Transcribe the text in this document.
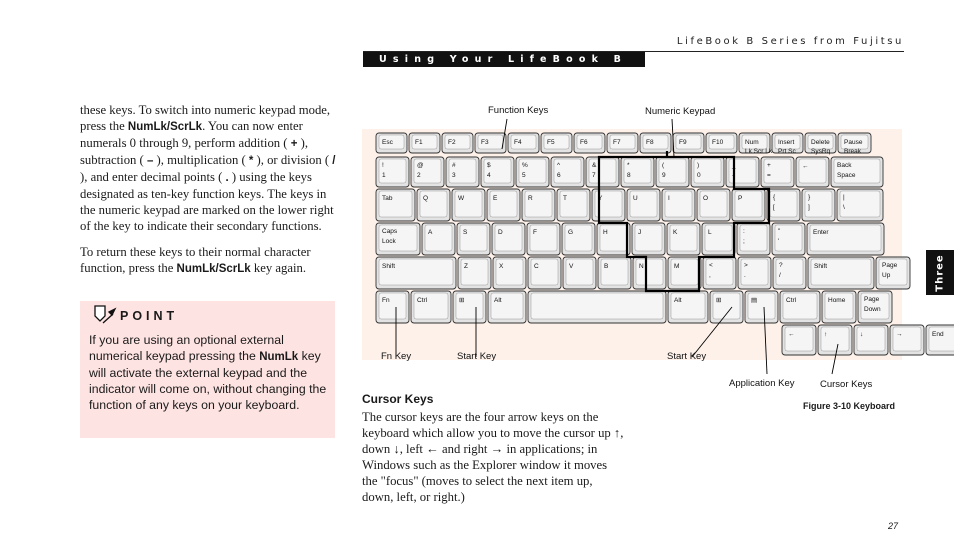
LifeBook B Series from Fujitsu
Using Your LifeBook B Series

these keys. To switch into numeric keypad mode, press the NumLk/ScrLk. You can now enter numerals 0 through 9, perform addition ( + ), subtraction ( – ), multiplication ( * ), or division ( / ), and enter decimal points ( . ) using the keys designated as ten-key function keys. The keys in the numeric keypad are marked on the lower right of the key to indicate their secondary functions.

To return these keys to their normal character function, press the NumLk/ScrLk key again.

POINT
If you are using an optional external numerical keypad pressing the NumLk key will activate the external keypad and the indicator will come on, without changing the function of any keys on your keyboard.
Esc	F1	F2	F3	F4	F5	F6	F7	F8	F9	F10	Num
Lk Scr Lk
Insert
Prt Sc
Delete
SysRq
Pause
Break
!
1
@
2
#
3
$
4
%
5
^
6
&
7
*
8
(
9
)
0
_
-
+
=
←	Back
Space
Tab	Q	W	E	R	T	Y	U	I	O	P	{
[
}
]
|
\
Caps
Lock
A	S	D	F	G	H	J	K	L	:
;
"
'
Enter
Shift	Z	X	C	V	B	N	M	<
,
>
.
?
/
Shift	Page
Up
Fn	Ctrl	⊞	Alt	Alt	⊞	▤	Ctrl	Home	Page
Down
←	↑	↓	→	End
Function Keys	Numeric Keypad
Fn Key	Start Key	Start Key
Application Key	Cursor Keys
Figure 3-10 Keyboard
Cursor Keys
The cursor keys are the four arrow keys on the keyboard which allow you to move the cursor up ↑, down ↓, left ← and right → in applications; in Windows such as the Explorer window it moves the "focus" (moves to select the next item up, down, left, or right.)
Three
27
